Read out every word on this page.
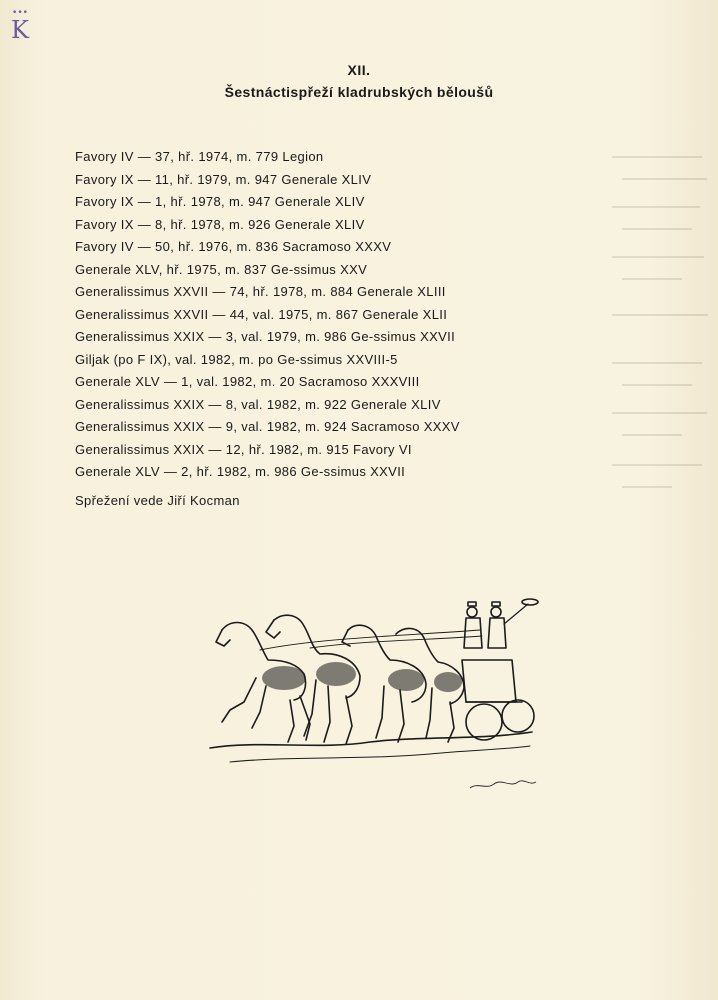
•••
K
XII.
Šestnáctispřeží kladrubských běloušů
Favory IV — 37, hř. 1974, m. 779 Legion
Favory IX — 11, hř. 1979, m. 947 Generale XLIV
Favory IX — 1, hř. 1978, m. 947 Generale XLIV
Favory IX — 8, hř. 1978, m. 926 Generale XLIV
Favory IV — 50, hř. 1976, m. 836 Sacramoso XXXV
Generale XLV, hř. 1975, m. 837 Ge-ssimus XXV
Generalissimus XXVII — 74, hř. 1978, m. 884 Generale XLIII
Generalissimus XXVII — 44, val. 1975, m. 867 Generale XLII
Generalissimus XXIX — 3, val. 1979, m. 986 Ge-ssimus XXVII
Giljak (po F IX), val. 1982, m. po Ge-ssimus XXVIII-5
Generale XLV — 1, val. 1982, m. 20 Sacramoso XXXVIII
Generalissimus XXIX — 8, val. 1982, m. 922 Generale XLIV
Generalissimus XXIX — 9, val. 1982, m. 924 Sacramoso XXXV
Generalissimus XXIX — 12, hř. 1982, m. 915 Favory VI
Generale XLV — 2, hř. 1982, m. 986 Ge-ssimus XXVII
Spřežení vede Jiří Kocman
